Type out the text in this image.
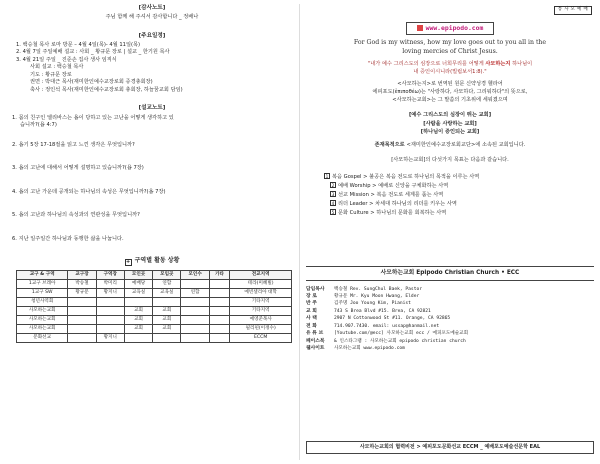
[감사노트]
주님 함께 해 주셔서 감사합니다 _ 정배나
[주요일정]
1. 백승철 목사 로마 방문 – 4월 4일(목)- 4월 11일(목)
2. 4월 7일 주일예배 설교 : 사회 _ 황규문 장로 | 설교 _ 한기원 목사
3. 4월 21일 주일 _ 진준손 집사 생사 임직식
사회 설교 : 백승철 목사
기도 : 황규문 장로
권면 : 박대근 목사(재미한인예수교장로회 증경총회장)
축사 : 정인석 목사(재미한인예수교장로회 총회장, 하늘꿈교회 담임)
[설교노트]
1. 몸의 친구인 엘리바스는 욥이 당하고 있는 고난을 어떻게 생각하고 있
습니까?(욥 4:7)
2. 욥기 5장 17-18절을 읽고 느낀 생각은 무엇입니까?
3. 욥의 고난에 대해서 어떻게 설명하고 있습니까?(욥 7장)
4. 욥의 고난 가운데 공개되는 하나님의 속성은 무엇입니까?(욥 7장)
5. 욥의 고난과 하나님의 속성과의 연관성을 무엇입니까?
6. 지난 일주일간 하나님과 동행한 삶을 나눕니다.
+ 구역별 활동 상황
교구 & 구역	교구장	구역장	모인곳	모임곳	모인수	가타	전교지역
1교구 브레아	박승철	박미리	예배당	연합			테라(미혜빌)
1교구 SW	황규문	황지니	교육실	교육실	연합		예빈셀리아 대학
청년사역회							기타지역
사모하는교회			교회	교회			기타지역
사모하는교회			교회	교회			예영준목사
사모하는교회			교회	교회			필리핀(이정수)
문화선교		황지니					ECCM
통 사 모 예 배
www.epipodo.com
For God is my witness, how my love goes out to you all in the
loving mercies of Christ Jesus.
"내가 예수 그리스도의 심장으로 너희무리를 어떻게 사모하는지 하나님이
내 증인이시니라(빌립보서1:8)."
<사모하는지>로 번역된 원문 신약성경 헬라어
에피포도(ἐπιποθέω)는 "사랑하다, 사모하다, 그리워하다"의 뜻으로,
<사모하는교회>는 그 말씀의 기초위에 세워졌으며
[예수 그리스도의 심장이 뛰는 교회]
[사람을 사랑하는 교회]
[하나님이 증인되는 교회]
존재목적으로 <재미한인예수교장로회교단>에 소속된 교회입니다.
[사모하는교회]의 다섯가지 목표는 다음과 같습니다.
1 복음 Gospel > 불공은 복음 전도로 하나님의 목적을 이루는 사역
2 예배 Worship > 예배로 신앙을 구체화하는 사역
3 선교 Mission > 복음 전도로 세계를 품는 사역
4 리더 Leader > 차세대 하나님의 리더를 키우는 사역
5 문화 Culture > 하나님의 문화를 회복하는 사역
사모하는교회 Epipodo Christian Church • ECC
담임목사	백승철 Rev. SungChul Baek, Pastor
장 로	황규문 Mr. Kyu Moon Hwang, Elder
반 주	김주명 Joo Young Kim, Pianist
교 회	743 S Brea Blvd #15. Brea, CA 92821
사 택	2907 N Cottonwood St #11. Orange, CA 92865
전 화	714.907.7430. email: ussap@hanmail.net
유 튜 브	[Youtube.com/@ecc] 사모하는교회 ecc / 예피포도예술교회
페이스북	& 인스타그램 : 사모하는교회 epipodo christian church
웹사이트	사모하는교회 www.epipodo.com
사모하는교회의 협력비전 > 예피포도문화선교 ECCM _ 예배포도예술선문학 EAL
